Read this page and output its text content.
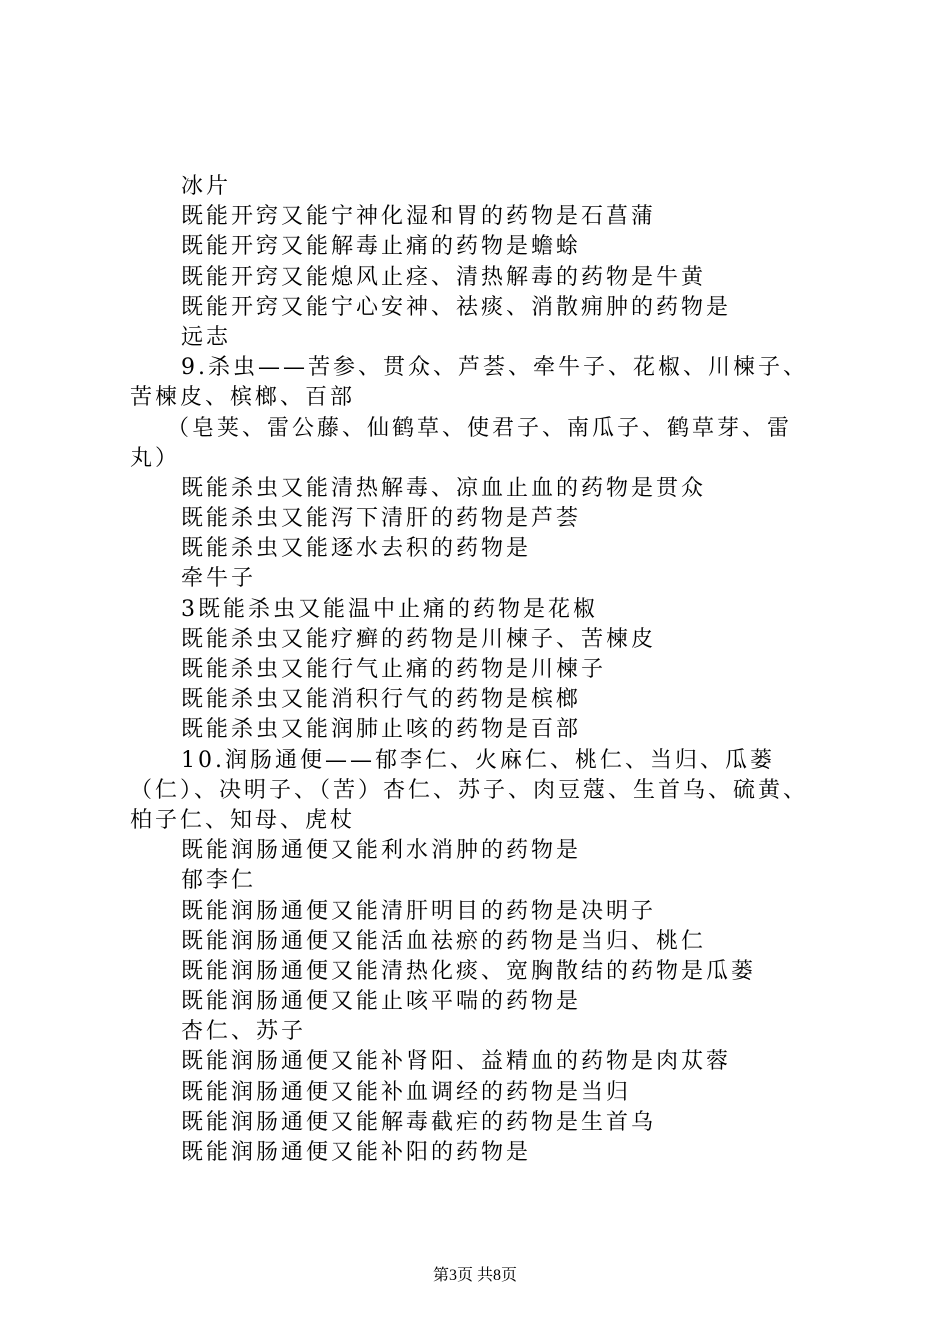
冰片
既能开窍又能宁神化湿和胃的药物是石菖蒲
既能开窍又能解毒止痛的药物是蟾蜍
既能开窍又能熄风止痉、清热解毒的药物是牛黄
既能开窍又能宁心安神、祛痰、消散痈肿的药物是
远志
9.杀虫——苦参、贯众、芦荟、牵牛子、花椒、川楝子、
苦楝皮、槟榔、百部
（皂荚、雷公藤、仙鹤草、使君子、南瓜子、鹤草芽、雷
丸）
既能杀虫又能清热解毒、凉血止血的药物是贯众
既能杀虫又能泻下清肝的药物是芦荟
既能杀虫又能逐水去积的药物是
牵牛子
3既能杀虫又能温中止痛的药物是花椒
既能杀虫又能疗癣的药物是川楝子、苦楝皮
既能杀虫又能行气止痛的药物是川楝子
既能杀虫又能消积行气的药物是槟榔
既能杀虫又能润肺止咳的药物是百部
10.润肠通便——郁李仁、火麻仁、桃仁、当归、瓜蒌
（仁）、决明子、（苦）杏仁、苏子、肉豆蔻、生首乌、硫黄、
柏子仁、知母、虎杖
既能润肠通便又能利水消肿的药物是
郁李仁
既能润肠通便又能清肝明目的药物是决明子
既能润肠通便又能活血祛瘀的药物是当归、桃仁
既能润肠通便又能清热化痰、宽胸散结的药物是瓜蒌
既能润肠通便又能止咳平喘的药物是
杏仁、苏子
既能润肠通便又能补肾阳、益精血的药物是肉苁蓉
既能润肠通便又能补血调经的药物是当归
既能润肠通便又能解毒截疟的药物是生首乌
既能润肠通便又能补阳的药物是
第3页 共8页
